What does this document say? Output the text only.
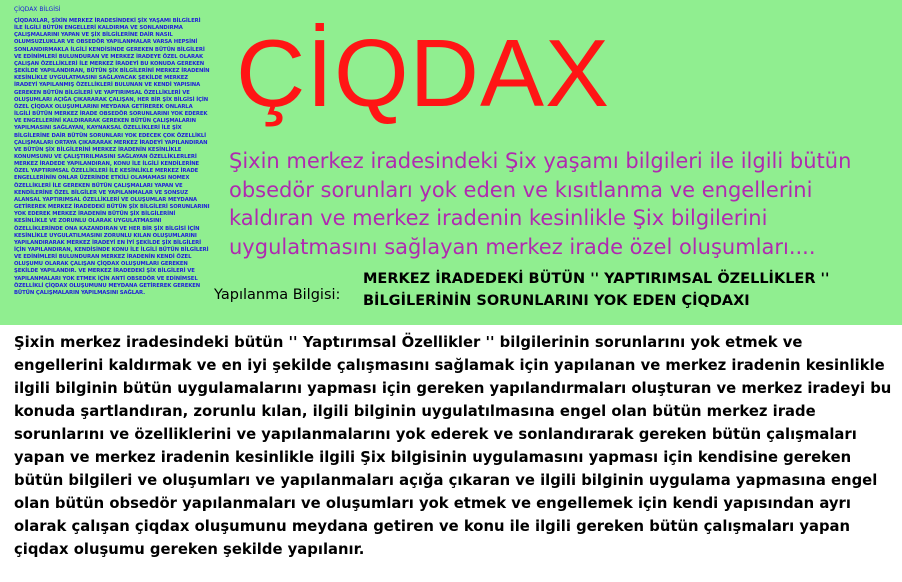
ÇİQDAX BİLGİSİ
ÇİQDAXLAR, ŞİXİN MERKEZ İRADESİNDEKİ ŞİX YAŞAMI BİLGİLERİ İLE İLGİLİ BÜTÜN ENGELLERİ KALDIRMA VE SONLANDIRMA ÇALIŞMALARINI YAPAN VE ŞİX BİLGİLERİNE DAİR NASIL OLUMSUZLUKLAR VE OBSEDÖR YAPILANMALAR VARSA HEPSİNİ SONLANDIRMAKLA İLGİLİ KENDİSİNDE GEREKEN BÜTÜN BİLGİLERİ VE EDİNİMLERİ BULUNDURAN VE MERKEZ İRADEYE ÖZEL OLARAK ÇALIŞAN ÖZELLİKLERİ İLE MERKEZ İRADEYİ BU KONUDA GEREKEN ŞEKİLDE YAPILANDIRAN, BÜTÜN ŞİX BİLGİLERİNİ MERKEZ İRADENİN KESİNLİKLE UYGULATMASINI SAĞLAYACAK ŞEKİLDE MERKEZ İRADEYİ YAPILANMIŞ ÖZELLİKLERİ BULUNAN VE KENDİ YAPISINA GEREKEN BÜTÜN BİLGİLERİ VE YAPTIRIMSAL ÖZELLİKLERİ VE OLUŞUMLARI AÇIĞA ÇIKARARAK ÇALIŞAN, HER BİR ŞİX BİLGİSİ İÇİN ÖZEL ÇİQDAX OLUŞUMLARINI MEYDANA GETİREREK ONLARLA İLGİLİ BÜTÜN MERKEZ İRADE OBSEDÖR SORUNLARINI YOK EDEREK VE ENGELLERİNİ KALDIRARAK GEREKEN BÜTÜN ÇALIŞMALARIN YAPILMASINI SAĞLAYAN, KAYNAKSAL ÖZELLİKLERİ İLE ŞİX BİLGİLERİNE DAİR BÜTÜN SORUNLARI YOK EDECEK ÇOK ÖZELLİKLİ ÇALIŞMALARI ORTAYA ÇIKARARAK MERKEZ İRADEYİ YAPILANDIRAN VE BÜTÜN ŞİX BİLGİLERİNİ MERKEZ İRADENİN KESİNLİKLE KONUMSUNU VE ÇALIŞTIRILMASINI SAĞLAYAN ÖZELLİKLERLERİ MERKEZ İRADEDE YAPILANDIRAN, KONU İLE İLGİLİ KENDİLERİNE ÖZEL YAPTIRIMSAL ÖZELLİKLERİ İLE KESİNLİKLE MERKEZ İRADE ENGELLERİNİN ONLAR ÜZERİNDE ETKİLİ OLAMAMASI NOMEX ÖZELLİKLERİ İLE GEREKEN BÜTÜN ÇALIŞMALARI YAPAN VE KENDİLERİNE ÖZEL BİLGİLER VE YAPILANMALAR VE SONSUZ ALANSAL YAPTIRIMSAL ÖZELLİKLERİ VE OLUŞUMLAR MEYDANA GETİREREK MERKEZ İRADEDEKİ BÜTÜN ŞİX BİLGİLERİ SORUNLARINI YOK EDEREK MERKEZ İRADENİN BÜTÜN ŞİX BİLGİLERİNİ KESİNLİKLE VE ZORUNLU OLARAK UYGULATMASINI ÖZELLİKLERİNDE ONA KAZANDIRAN VE HER BİR ŞİX BİLGİSİ İÇİN KESİNLİKLE UYGULATILMASINI ZORUNLU KILAN OLUŞUMLARINI YAPILANDIRARAK MERKEZ İRADEYİ EN İYİ ŞEKİLDE ŞİX BİLGİLERİ İÇİN YAPILANDIRAN, KENDİSİNDE KONU İLE İLGİLİ BÜTÜN BİLGİLERİ VE EDİNİMLERİ BULUNDURAN MERKEZ İRADENİN KENDİ ÖZEL OLUŞUMU OLARAK ÇALIŞAN ÇİQDAX OLUŞUMLARI GEREKEN ŞEKİLDE YAPILANDIR. VE MERKEZ İRADEDEKİ ŞİX BİLGİLERİ VE YAPILANMALARI YOK ETMEK İÇİN ANTİ OBSEDÖR VE EDİNİMSEL ÖZELLİKLİ ÇİQDAX OLUŞUMUNU MEYDANA GETİREREK GEREKEN BÜTÜN ÇALIŞMALARIN YAPILMASINI SAĞLAR.
ÇİQDAX
Şixin merkez iradesindeki Şix yaşamı bilgileri ile ilgili bütün obsedör sorunları yok eden ve kısıtlanma ve engellerini kaldıran ve merkez iradenin kesinlikle Şix bilgilerini uygulatmasını sağlayan merkez irade özel oluşumları....
Yapılanma Bilgisi:
MERKEZ İRADEDEKİ BÜTÜN '' YAPTIRIMSAL ÖZELLİKLER '' BİLGİLERİNİN SORUNLARINI YOK EDEN ÇİQDAXI
Şixin merkez iradesindeki bütün '' Yaptırımsal Özellikler '' bilgilerinin sorunlarını yok etmek ve engellerini kaldırmak ve en iyi şekilde çalışmasını sağlamak için yapılanan ve merkez iradenin kesinlikle ilgili bilginin bütün uygulamalarını yapması için gereken yapılandırmaları oluşturan ve merkez iradeyi bu konuda şartlandıran, zorunlu kılan, ilgili bilginin uygulatılmasına engel olan bütün merkez irade sorunlarını ve özelliklerini ve yapılanmalarını yok ederek ve sonlandırarak gereken bütün çalışmaları yapan ve merkez iradenin kesinlikle ilgili Şix bilgisinin uygulamasını yapması için kendisine gereken bütün bilgileri ve oluşumları ve yapılanmaları açığa çıkaran ve ilgili bilginin uygulama yapmasına engel olan bütün obsedör yapılanmaları ve oluşumları yok etmek ve engellemek için kendi yapısından ayrı olarak çalışan çiqdax oluşumunu meydana getiren ve konu ile ilgili gereken bütün çalışmaları yapan çiqdax oluşumu gereken şekilde yapılanır.
